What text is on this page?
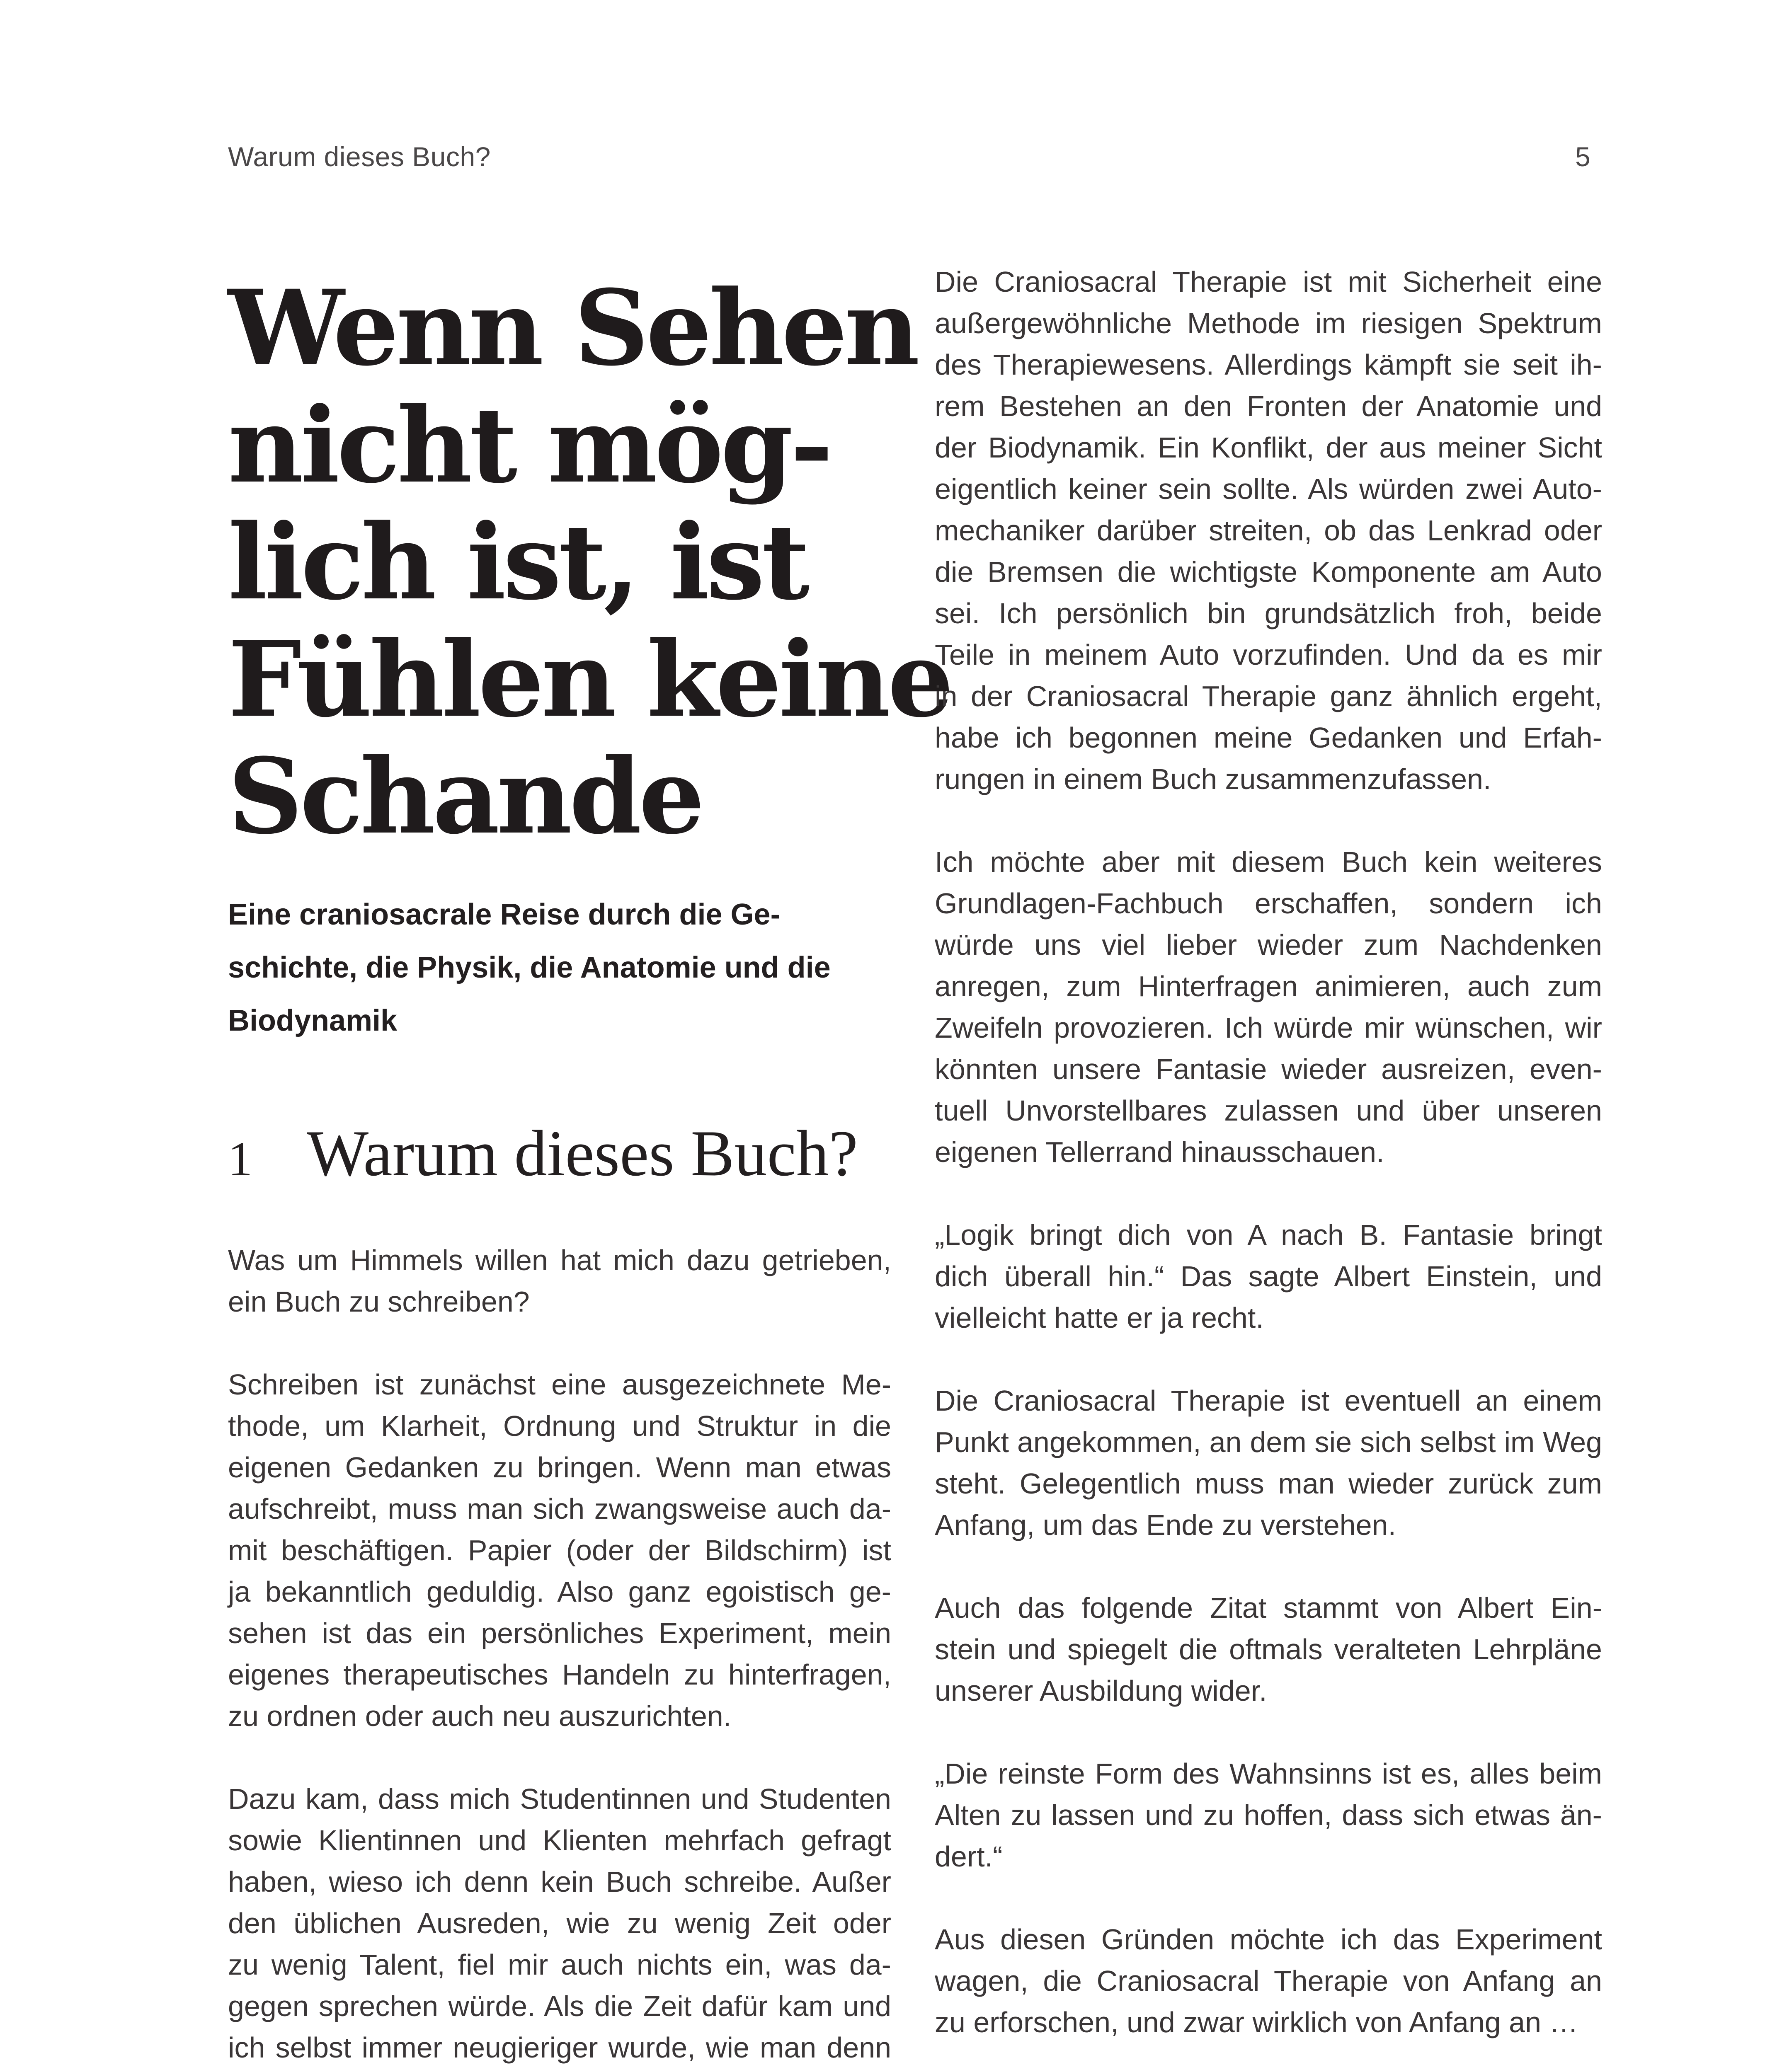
Warum dieses Buch?	5
Wenn Sehen
nicht mög-
lich ist, ist
Fühlen keine
Schande

Eine craniosacrale Reise durch die Ge-
schichte, die Physik, die Anatomie und die
Biodynamik

1 Warum dieses Buch?

Was um Himmels willen hat mich dazu getrieben,
ein Buch zu schreiben?

Schreiben ist zunächst eine ausgezeichnete Me-
thode, um Klarheit, Ordnung und Struktur in die
eigenen Gedanken zu bringen. Wenn man etwas
aufschreibt, muss man sich zwangsweise auch da-
mit beschäftigen. Papier (oder der Bildschirm) ist
ja bekanntlich geduldig. Also ganz egoistisch ge-
sehen ist das ein persönliches Experiment, mein
eigenes therapeutisches Handeln zu hinterfragen,
zu ordnen oder auch neu auszurichten.

Dazu kam, dass mich Studentinnen und Studenten
sowie Klientinnen und Klienten mehrfach gefragt
haben, wieso ich denn kein Buch schreibe. Außer
den üblichen Ausreden, wie zu wenig Zeit oder
zu wenig Talent, fiel mir auch nichts ein, was da-
gegen sprechen würde. Als die Zeit dafür kam und
ich selbst immer neugieriger wurde, wie man denn

Die Craniosacral Therapie ist mit Sicherheit eine
außergewöhnliche Methode im riesigen Spektrum
des Therapiewesens. Allerdings kämpft sie seit ih-
rem Bestehen an den Fronten der Anatomie und
der Biodynamik. Ein Konflikt, der aus meiner Sicht
eigentlich keiner sein sollte. Als würden zwei Auto-
mechaniker darüber streiten, ob das Lenkrad oder
die Bremsen die wichtigste Komponente am Auto
sei. Ich persönlich bin grundsätzlich froh, beide
Teile in meinem Auto vorzufinden. Und da es mir
in der Craniosacral Therapie ganz ähnlich ergeht,
habe ich begonnen meine Gedanken und Erfah-
rungen in einem Buch zusammenzufassen.

Ich möchte aber mit diesem Buch kein weiteres
Grundlagen-Fachbuch erschaffen, sondern ich
würde uns viel lieber wieder zum Nachdenken
anregen, zum Hinterfragen animieren, auch zum
Zweifeln provozieren. Ich würde mir wünschen, wir
könnten unsere Fantasie wieder ausreizen, even-
tuell Unvorstellbares zulassen und über unseren
eigenen Tellerrand hinausschauen.

„Logik bringt dich von A nach B. Fantasie bringt
dich überall hin.“ Das sagte Albert Einstein, und
vielleicht hatte er ja recht.

Die Craniosacral Therapie ist eventuell an einem
Punkt angekommen, an dem sie sich selbst im Weg
steht. Gelegentlich muss man wieder zurück zum
Anfang, um das Ende zu verstehen.

Auch das folgende Zitat stammt von Albert Ein-
stein und spiegelt die oftmals veralteten Lehrpläne
unserer Ausbildung wider.

„Die reinste Form des Wahnsinns ist es, alles beim
Alten zu lassen und zu hoffen, dass sich etwas än-
dert.“

Aus diesen Gründen möchte ich das Experiment
wagen, die Craniosacral Therapie von Anfang an
zu erforschen, und zwar wirklich von Anfang an …
